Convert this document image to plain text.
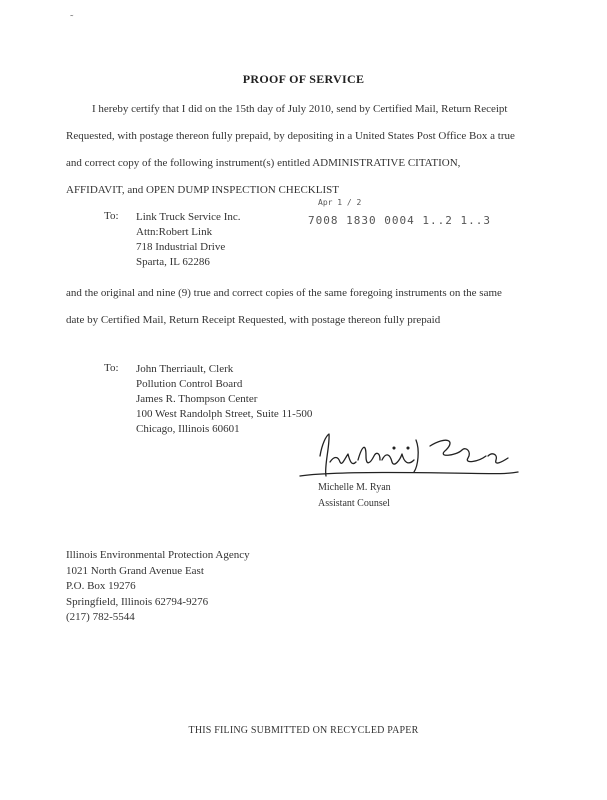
˜
PROOF OF SERVICE
I hereby certify that I did on the 15th day of July 2010, send by Certified Mail, Return Receipt
Requested, with postage thereon fully prepaid, by depositing in a United States Post Office Box a true
and correct copy of the following instrument(s) entitled ADMINISTRATIVE CITATION,
AFFIDAVIT, and OPEN DUMP INSPECTION CHECKLIST
To: Link Truck Service Inc.
Attn:Robert Link
718 Industrial Drive
Sparta, IL 62286
Apr 1 / 2
7008 1830 0004 1..2 1..3
and the original and nine (9) true and correct copies of the same foregoing instruments on the same
date by Certified Mail, Return Receipt Requested, with postage thereon fully prepaid
To: John Therriault, Clerk
Pollution Control Board
James R. Thompson Center
100 West Randolph Street, Suite 11-500
Chicago, Illinois 60601
Michelle M. Ryan
Assistant Counsel
Illinois Environmental Protection Agency
1021 North Grand Avenue East
P.O. Box 19276
Springfield, Illinois 62794-9276
(217) 782-5544
THIS FILING SUBMITTED ON RECYCLED PAPER
